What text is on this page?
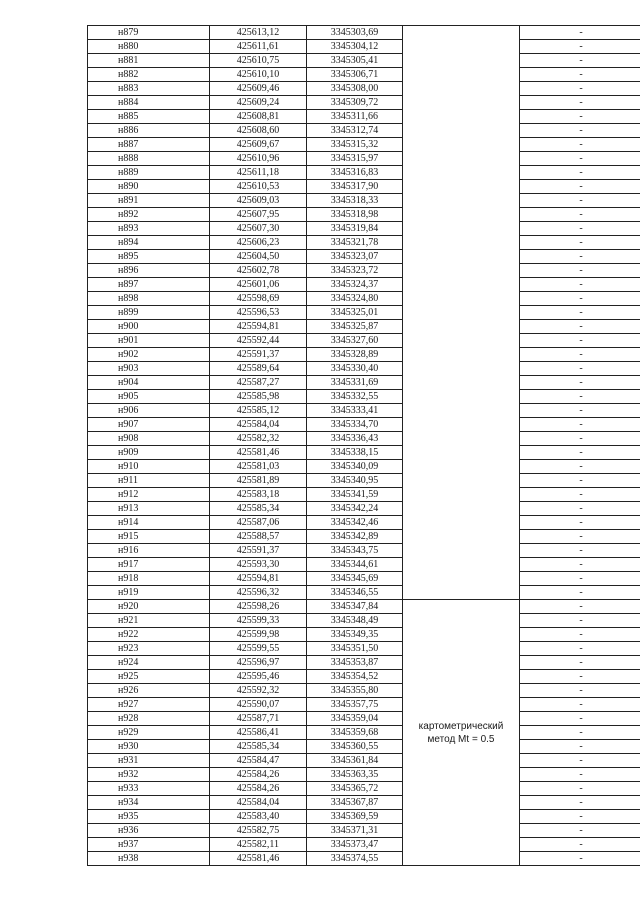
н879	425613,12	3345303,69		-
н880	425611,61	3345304,12		-
н881	425610,75	3345305,41		-
н882	425610,10	3345306,71		-
н883	425609,46	3345308,00		-
н884	425609,24	3345309,72		-
н885	425608,81	3345311,66		-
н886	425608,60	3345312,74		-
н887	425609,67	3345315,32		-
н888	425610,96	3345315,97		-
н889	425611,18	3345316,83		-
н890	425610,53	3345317,90		-
н891	425609,03	3345318,33		-
н892	425607,95	3345318,98		-
н893	425607,30	3345319,84		-
н894	425606,23	3345321,78		-
н895	425604,50	3345323,07		-
н896	425602,78	3345323,72		-
н897	425601,06	3345324,37		-
н898	425598,69	3345324,80		-
н899	425596,53	3345325,01		-
н900	425594,81	3345325,87		-
н901	425592,44	3345327,60		-
н902	425591,37	3345328,89		-
н903	425589,64	3345330,40		-
н904	425587,27	3345331,69		-
н905	425585,98	3345332,55		-
н906	425585,12	3345333,41		-
н907	425584,04	3345334,70		-
н908	425582,32	3345336,43		-
н909	425581,46	3345338,15		-
н910	425581,03	3345340,09		-
н911	425581,89	3345340,95		-
н912	425583,18	3345341,59		-
н913	425585,34	3345342,24		-
н914	425587,06	3345342,46		-
н915	425588,57	3345342,89		-
н916	425591,37	3345343,75		-
н917	425593,30	3345344,61		-
н918	425594,81	3345345,69		-
н919	425596,32	3345346,55		-
н920	425598,26	3345347,84	картометрический
метод Mt = 0.5	-
н921	425599,33	3345348,49		-
н922	425599,98	3345349,35		-
н923	425599,55	3345351,50		-
н924	425596,97	3345353,87		-
н925	425595,46	3345354,52		-
н926	425592,32	3345355,80		-
н927	425590,07	3345357,75		-
н928	425587,71	3345359,04		-
н929	425586,41	3345359,68		-
н930	425585,34	3345360,55		-
н931	425584,47	3345361,84		-
н932	425584,26	3345363,35		-
н933	425584,26	3345365,72		-
н934	425584,04	3345367,87		-
н935	425583,40	3345369,59		-
н936	425582,75	3345371,31		-
н937	425582,11	3345373,47		-
н938	425581,46	3345374,55		-
